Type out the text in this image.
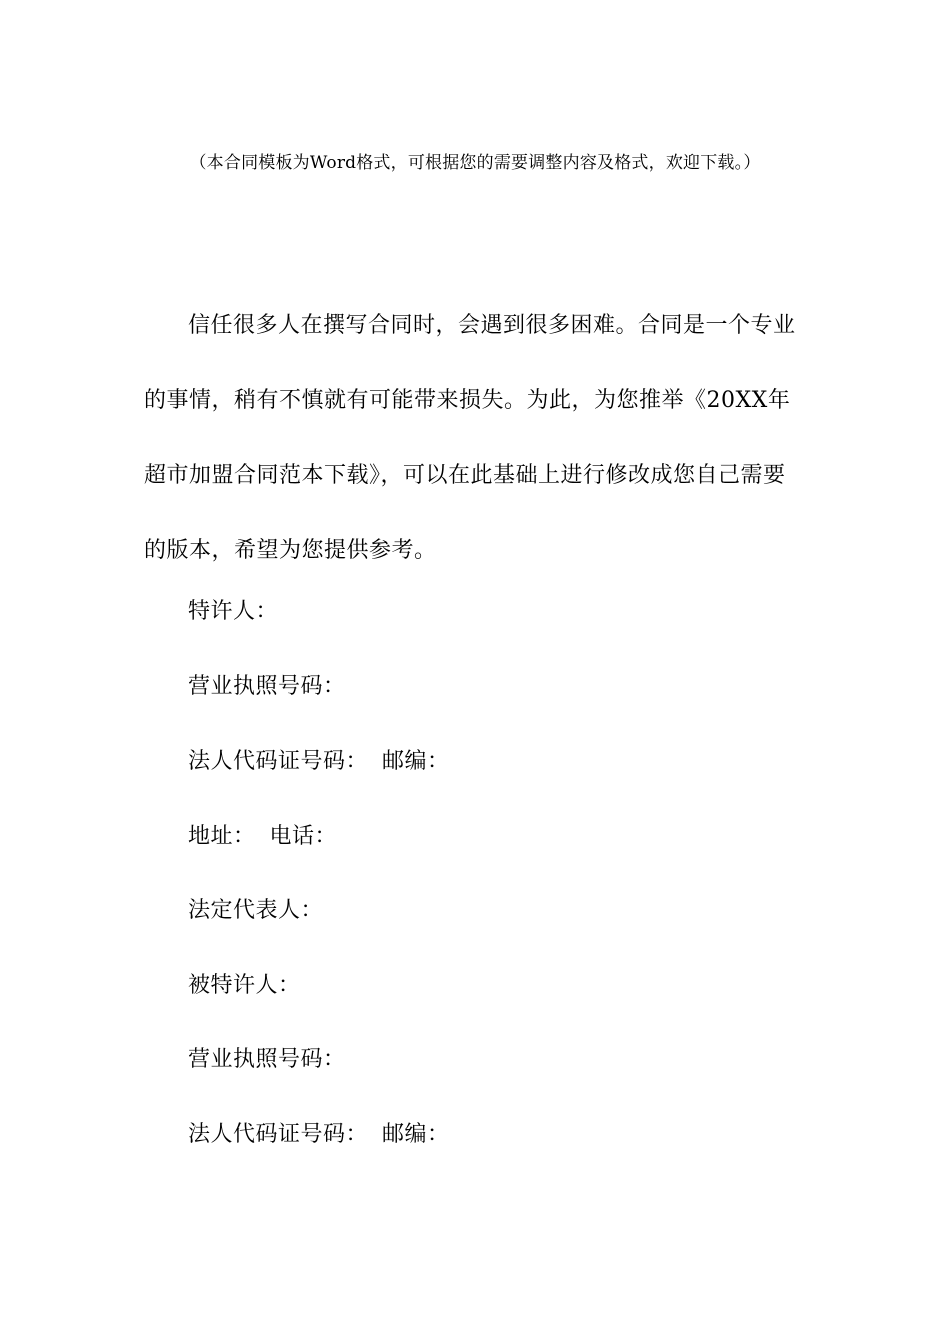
（本合同模板为Word格式，可根据您的需要调整内容及格式，欢迎下载。）

信任很多人在撰写合同时，会遇到很多困难。合同是一个专业的事情，稍有不慎就有可能带来损失。为此，为您推举《20XX年超市加盟合同范本下载》，可以在此基础上进行修改成您自己需要的版本，希望为您提供参考。

特许人：
营业执照号码：
法人代码证号码： 邮编：
地址： 电话：
法定代表人：
被特许人：
营业执照号码：
法人代码证号码： 邮编：
